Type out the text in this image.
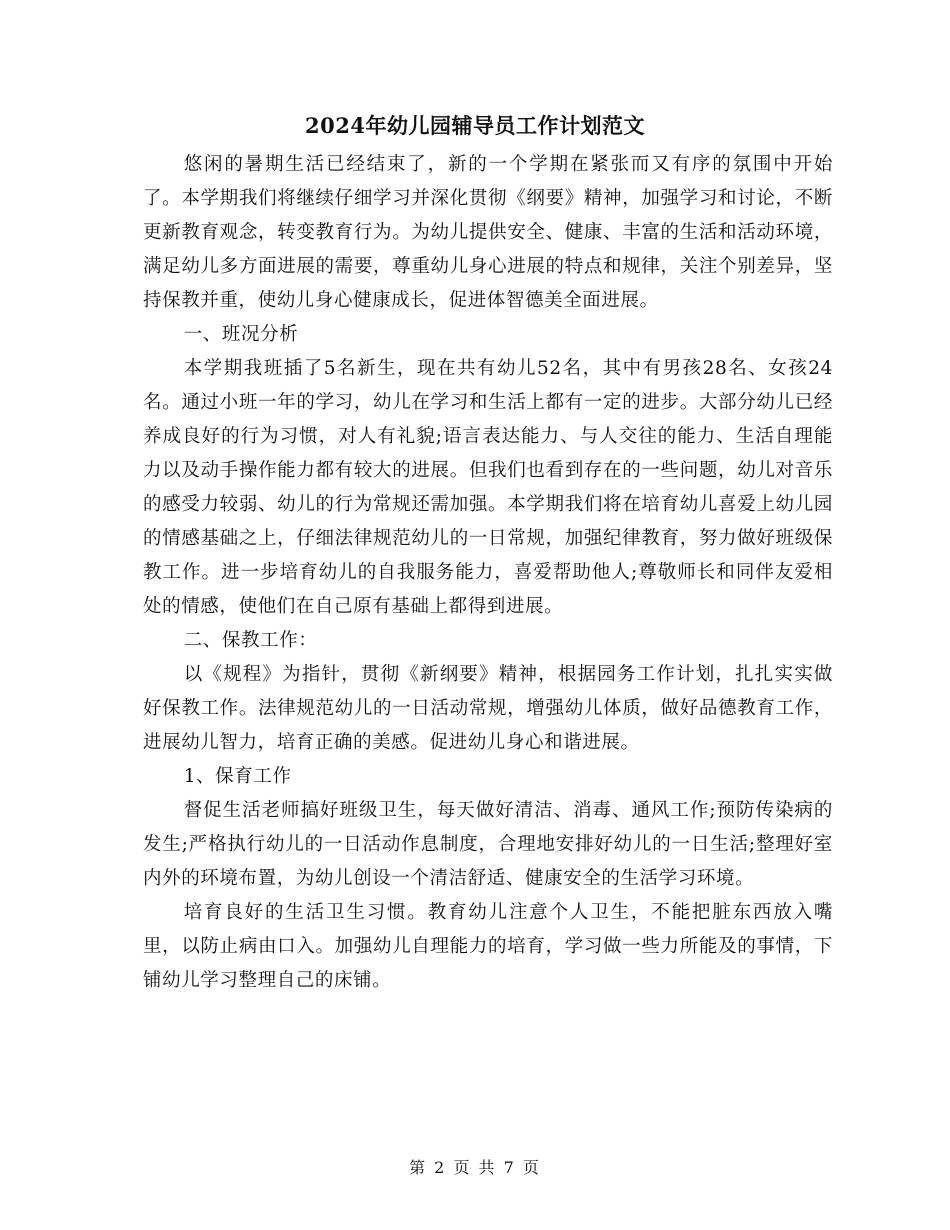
2024年幼儿园辅导员工作计划范文

悠闲的暑期生活已经结束了，新的一个学期在紧张而又有序的氛围中开始了。本学期我们将继续仔细学习并深化贯彻《纲要》精神，加强学习和讨论，不断更新教育观念，转变教育行为。为幼儿提供安全、健康、丰富的生活和活动环境，满足幼儿多方面进展的需要，尊重幼儿身心进展的特点和规律，关注个别差异，坚持保教并重，使幼儿身心健康成长，促进体智德美全面进展。

一、班况分析

本学期我班插了5名新生，现在共有幼儿52名，其中有男孩28名、女孩24名。通过小班一年的学习，幼儿在学习和生活上都有一定的进步。大部分幼儿已经养成良好的行为习惯，对人有礼貌;语言表达能力、与人交往的能力、生活自理能力以及动手操作能力都有较大的进展。但我们也看到存在的一些问题，幼儿对音乐的感受力较弱、幼儿的行为常规还需加强。本学期我们将在培育幼儿喜爱上幼儿园的情感基础之上，仔细法律规范幼儿的一日常规，加强纪律教育，努力做好班级保教工作。进一步培育幼儿的自我服务能力，喜爱帮助他人;尊敬师长和同伴友爱相处的情感，使他们在自己原有基础上都得到进展。

二、保教工作：

以《规程》为指针，贯彻《新纲要》精神，根据园务工作计划，扎扎实实做好保教工作。法律规范幼儿的一日活动常规，增强幼儿体质，做好品德教育工作，进展幼儿智力，培育正确的美感。促进幼儿身心和谐进展。

1、保育工作

督促生活老师搞好班级卫生，每天做好清洁、消毒、通风工作;预防传染病的发生;严格执行幼儿的一日活动作息制度，合理地安排好幼儿的一日生活;整理好室内外的环境布置，为幼儿创设一个清洁舒适、健康安全的生活学习环境。

培育良好的生活卫生习惯。教育幼儿注意个人卫生，不能把脏东西放入嘴里，以防止病由口入。加强幼儿自理能力的培育，学习做一些力所能及的事情，下铺幼儿学习整理自己的床铺。

第 2 页 共 7 页
